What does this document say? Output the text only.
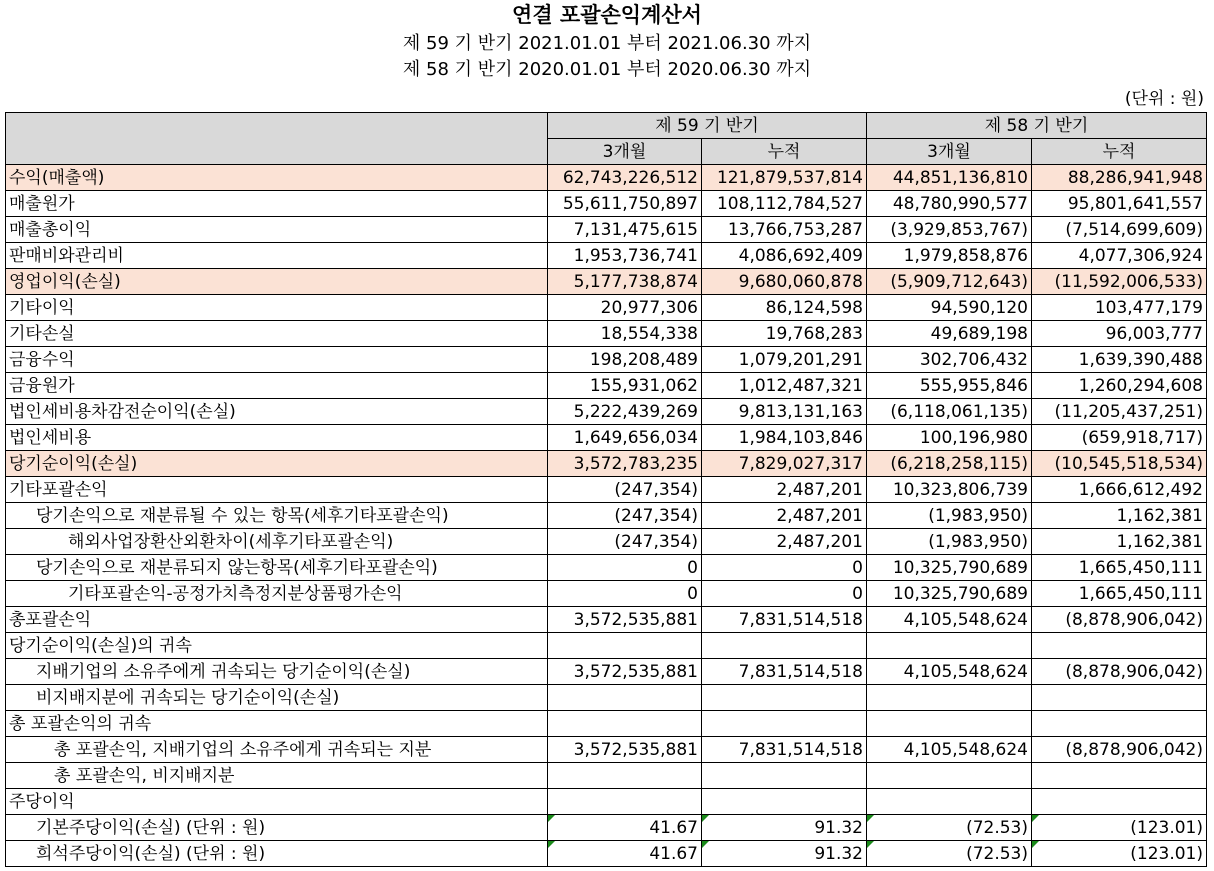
연결 포괄손익계산서
제 59 기 반기 2021.01.01 부터 2021.06.30 까지
제 58 기 반기 2020.01.01 부터 2020.06.30 까지
(단위 : 원)
	제 59 기 반기		제 58 기 반기	
	3개월	누적	3개월	누적
수익(매출액)	62,743,226,512	121,879,537,814	44,851,136,810	88,286,941,948
매출원가	55,611,750,897	108,112,784,527	48,780,990,577	95,801,641,557
매출총이익	7,131,475,615	13,766,753,287	(3,929,853,767)	(7,514,699,609)
판매비와관리비	1,953,736,741	4,086,692,409	1,979,858,876	4,077,306,924
영업이익(손실)	5,177,738,874	9,680,060,878	(5,909,712,643)	(11,592,006,533)
기타이익	20,977,306	86,124,598	94,590,120	103,477,179
기타손실	18,554,338	19,768,283	49,689,198	96,003,777
금융수익	198,208,489	1,079,201,291	302,706,432	1,639,390,488
금융원가	155,931,062	1,012,487,321	555,955,846	1,260,294,608
법인세비용차감전순이익(손실)	5,222,439,269	9,813,131,163	(6,118,061,135)	(11,205,437,251)
법인세비용	1,649,656,034	1,984,103,846	100,196,980	(659,918,717)
당기순이익(손실)	3,572,783,235	7,829,027,317	(6,218,258,115)	(10,545,518,534)
기타포괄손익	(247,354)	2,487,201	10,323,806,739	1,666,612,492
당기손익으로 재분류될 수 있는 항목(세후기타포괄손익)	(247,354)	2,487,201	(1,983,950)	1,162,381
해외사업장환산외환차이(세후기타포괄손익)	(247,354)	2,487,201	(1,983,950)	1,162,381
당기손익으로 재분류되지 않는항목(세후기타포괄손익)	0	0	10,325,790,689	1,665,450,111
기타포괄손익-공정가치측정지분상품평가손익	0	0	10,325,790,689	1,665,450,111
총포괄손익	3,572,535,881	7,831,514,518	4,105,548,624	(8,878,906,042)
당기순이익(손실)의 귀속				
지배기업의 소유주에게 귀속되는 당기순이익(손실)	3,572,535,881	7,831,514,518	4,105,548,624	(8,878,906,042)
비지배지분에 귀속되는 당기순이익(손실)				
총 포괄손익의 귀속				
총 포괄손익, 지배기업의 소유주에게 귀속되는 지분	3,572,535,881	7,831,514,518	4,105,548,624	(8,878,906,042)
총 포괄손익, 비지배지분				
주당이익				
기본주당이익(손실) (단위 : 원)	41.67	91.32	(72.53)	(123.01)
희석주당이익(손실) (단위 : 원)	41.67	91.32	(72.53)	(123.01)
